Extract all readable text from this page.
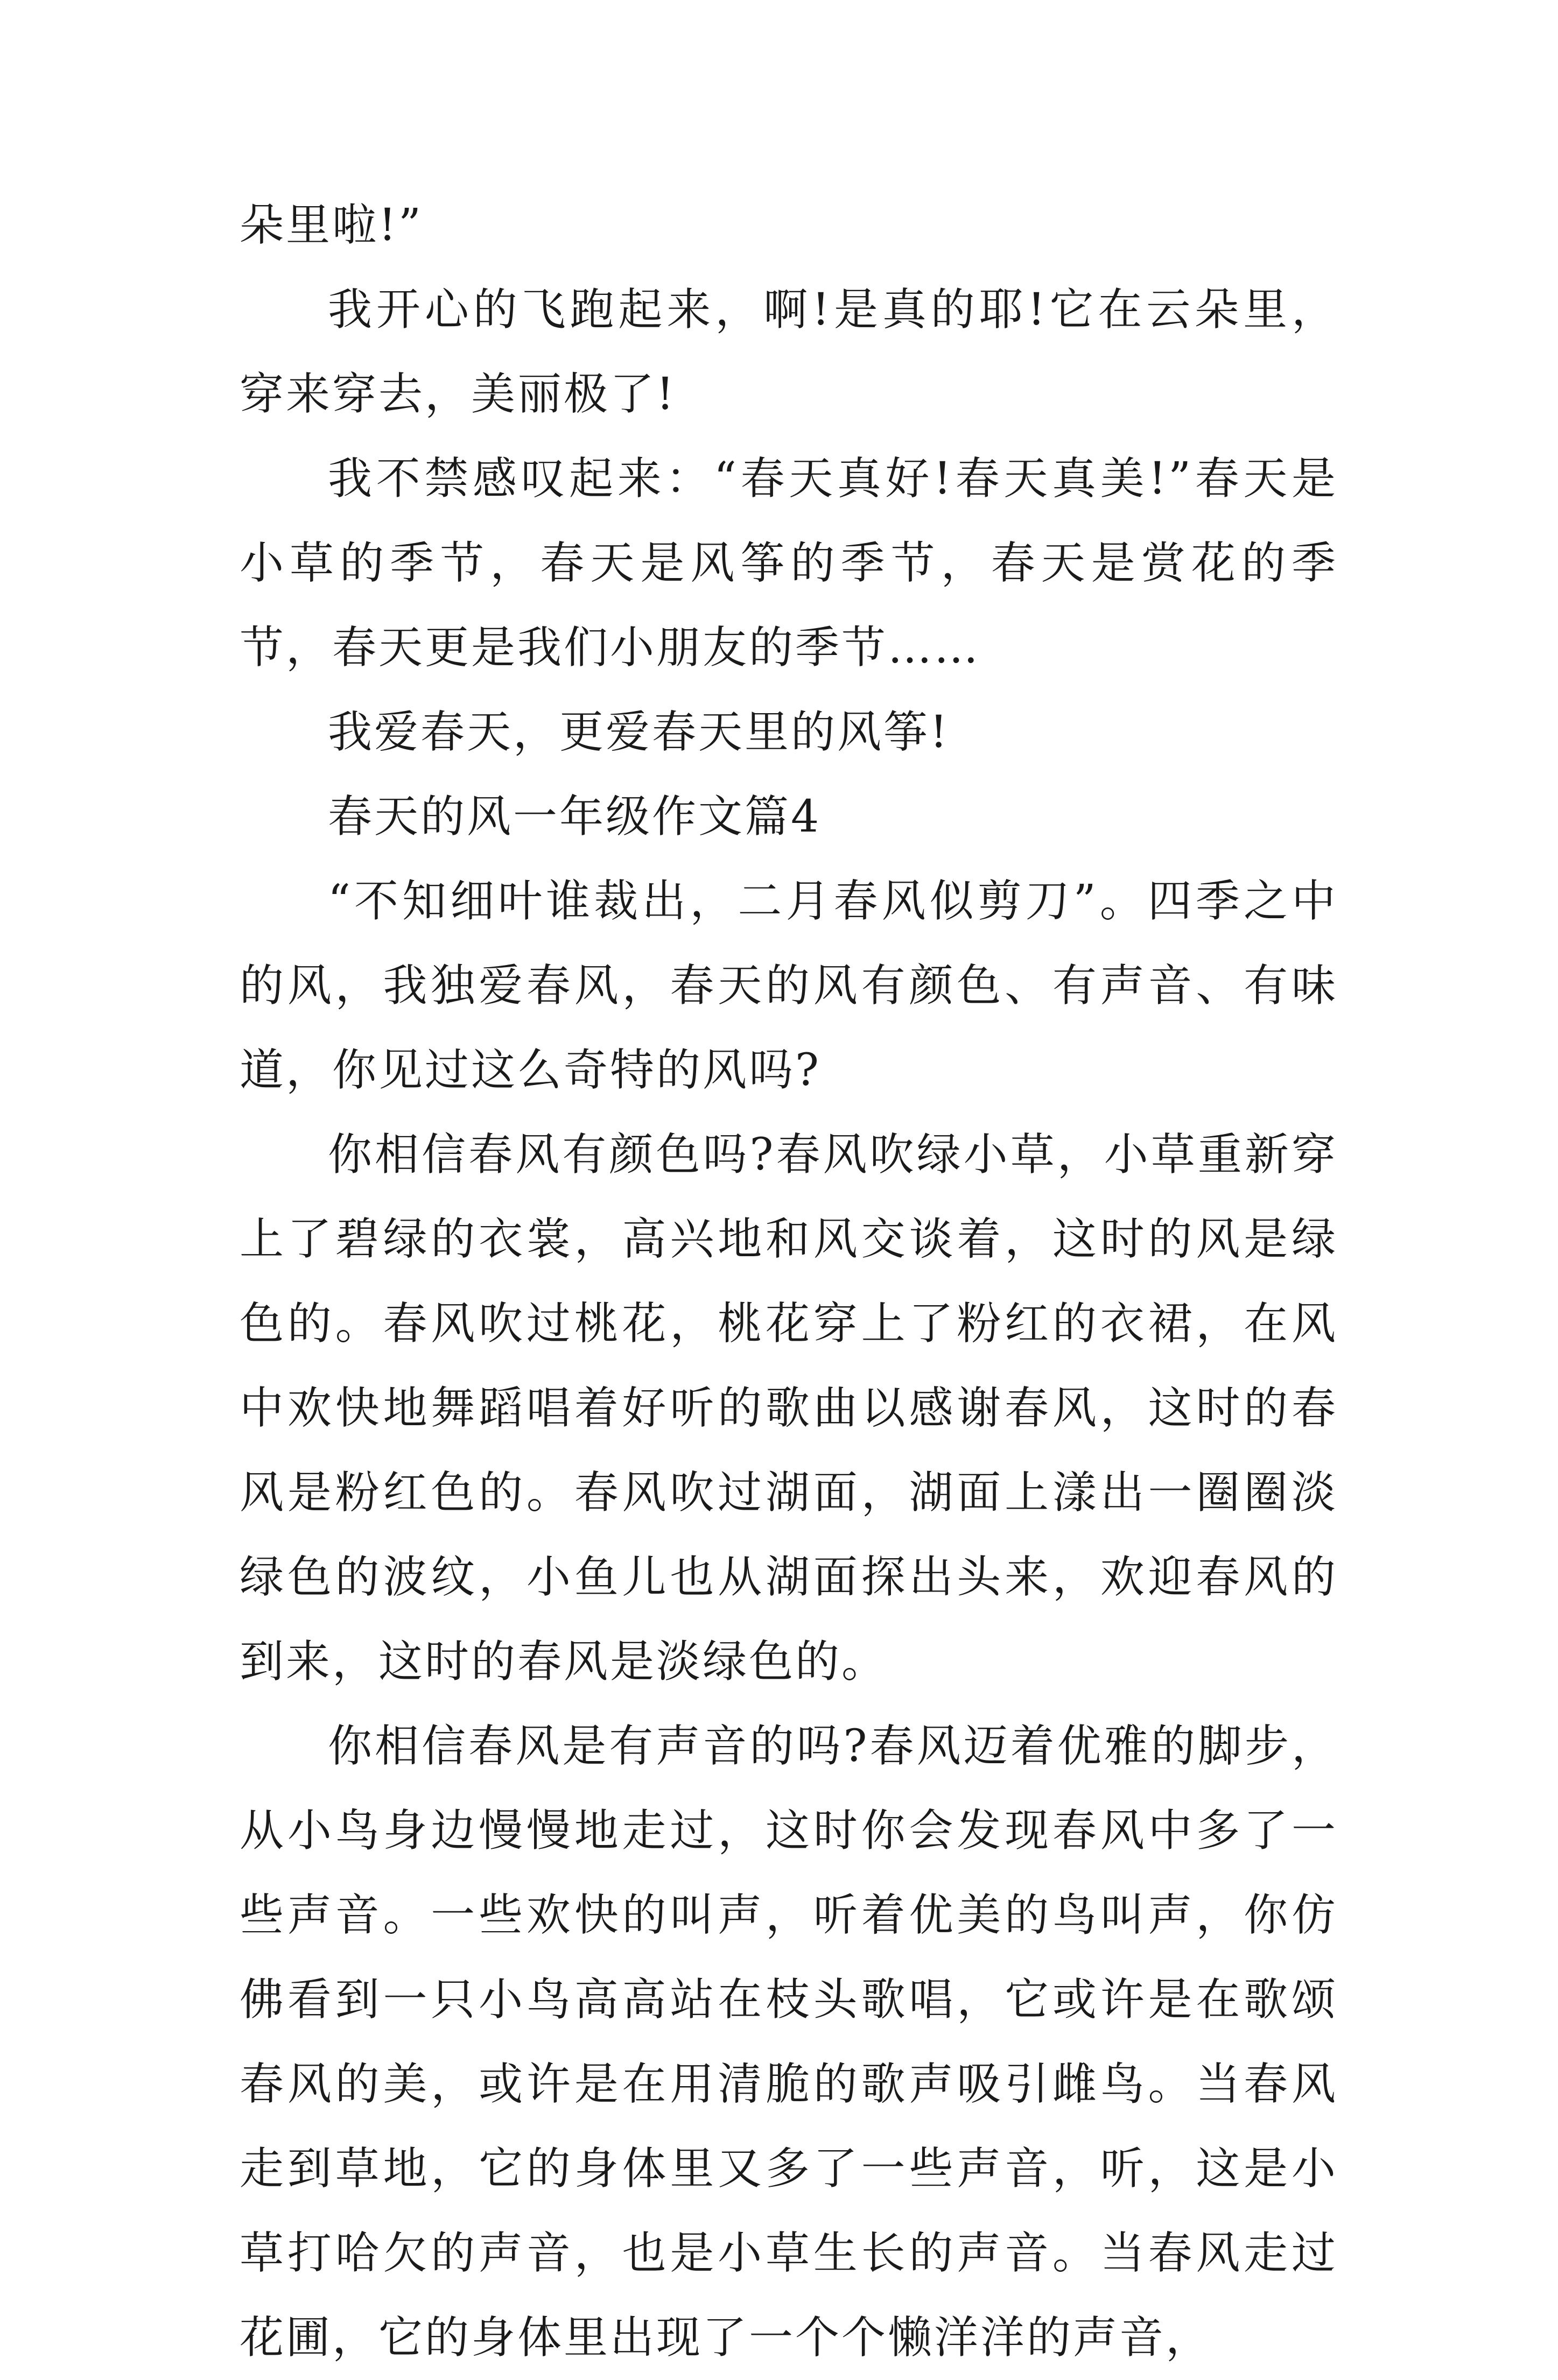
朵里啦!”

我开心的飞跑起来，啊!是真的耶!它在云朵里，穿来穿去，美丽极了!

我不禁感叹起来：“春天真好!春天真美!”春天是小草的季节，春天是风筝的季节，春天是赏花的季节，春天更是我们小朋友的季节……

我爱春天，更爱春天里的风筝!

春天的风一年级作文篇4

“不知细叶谁裁出，二月春风似剪刀”。四季之中的风，我独爱春风，春天的风有颜色、有声音、有味道，你见过这么奇特的风吗?

你相信春风有颜色吗?春风吹绿小草，小草重新穿上了碧绿的衣裳，高兴地和风交谈着，这时的风是绿色的。春风吹过桃花，桃花穿上了粉红的衣裙，在风中欢快地舞蹈唱着好听的歌曲以感谢春风，这时的春风是粉红色的。春风吹过湖面，湖面上漾出一圈圈淡绿色的波纹，小鱼儿也从湖面探出头来，欢迎春风的到来，这时的春风是淡绿色的。

你相信春风是有声音的吗?春风迈着优雅的脚步，从小鸟身边慢慢地走过，这时你会发现春风中多了一些声音。一些欢快的叫声，听着优美的鸟叫声，你仿佛看到一只小鸟高高站在枝头歌唱，它或许是在歌颂春风的美，或许是在用清脆的歌声吸引雌鸟。当春风走到草地，它的身体里又多了一些声音，听，这是小草打哈欠的声音，也是小草生长的声音。当春风走过花圃，它的身体里出现了一个个懒洋洋的声音，
